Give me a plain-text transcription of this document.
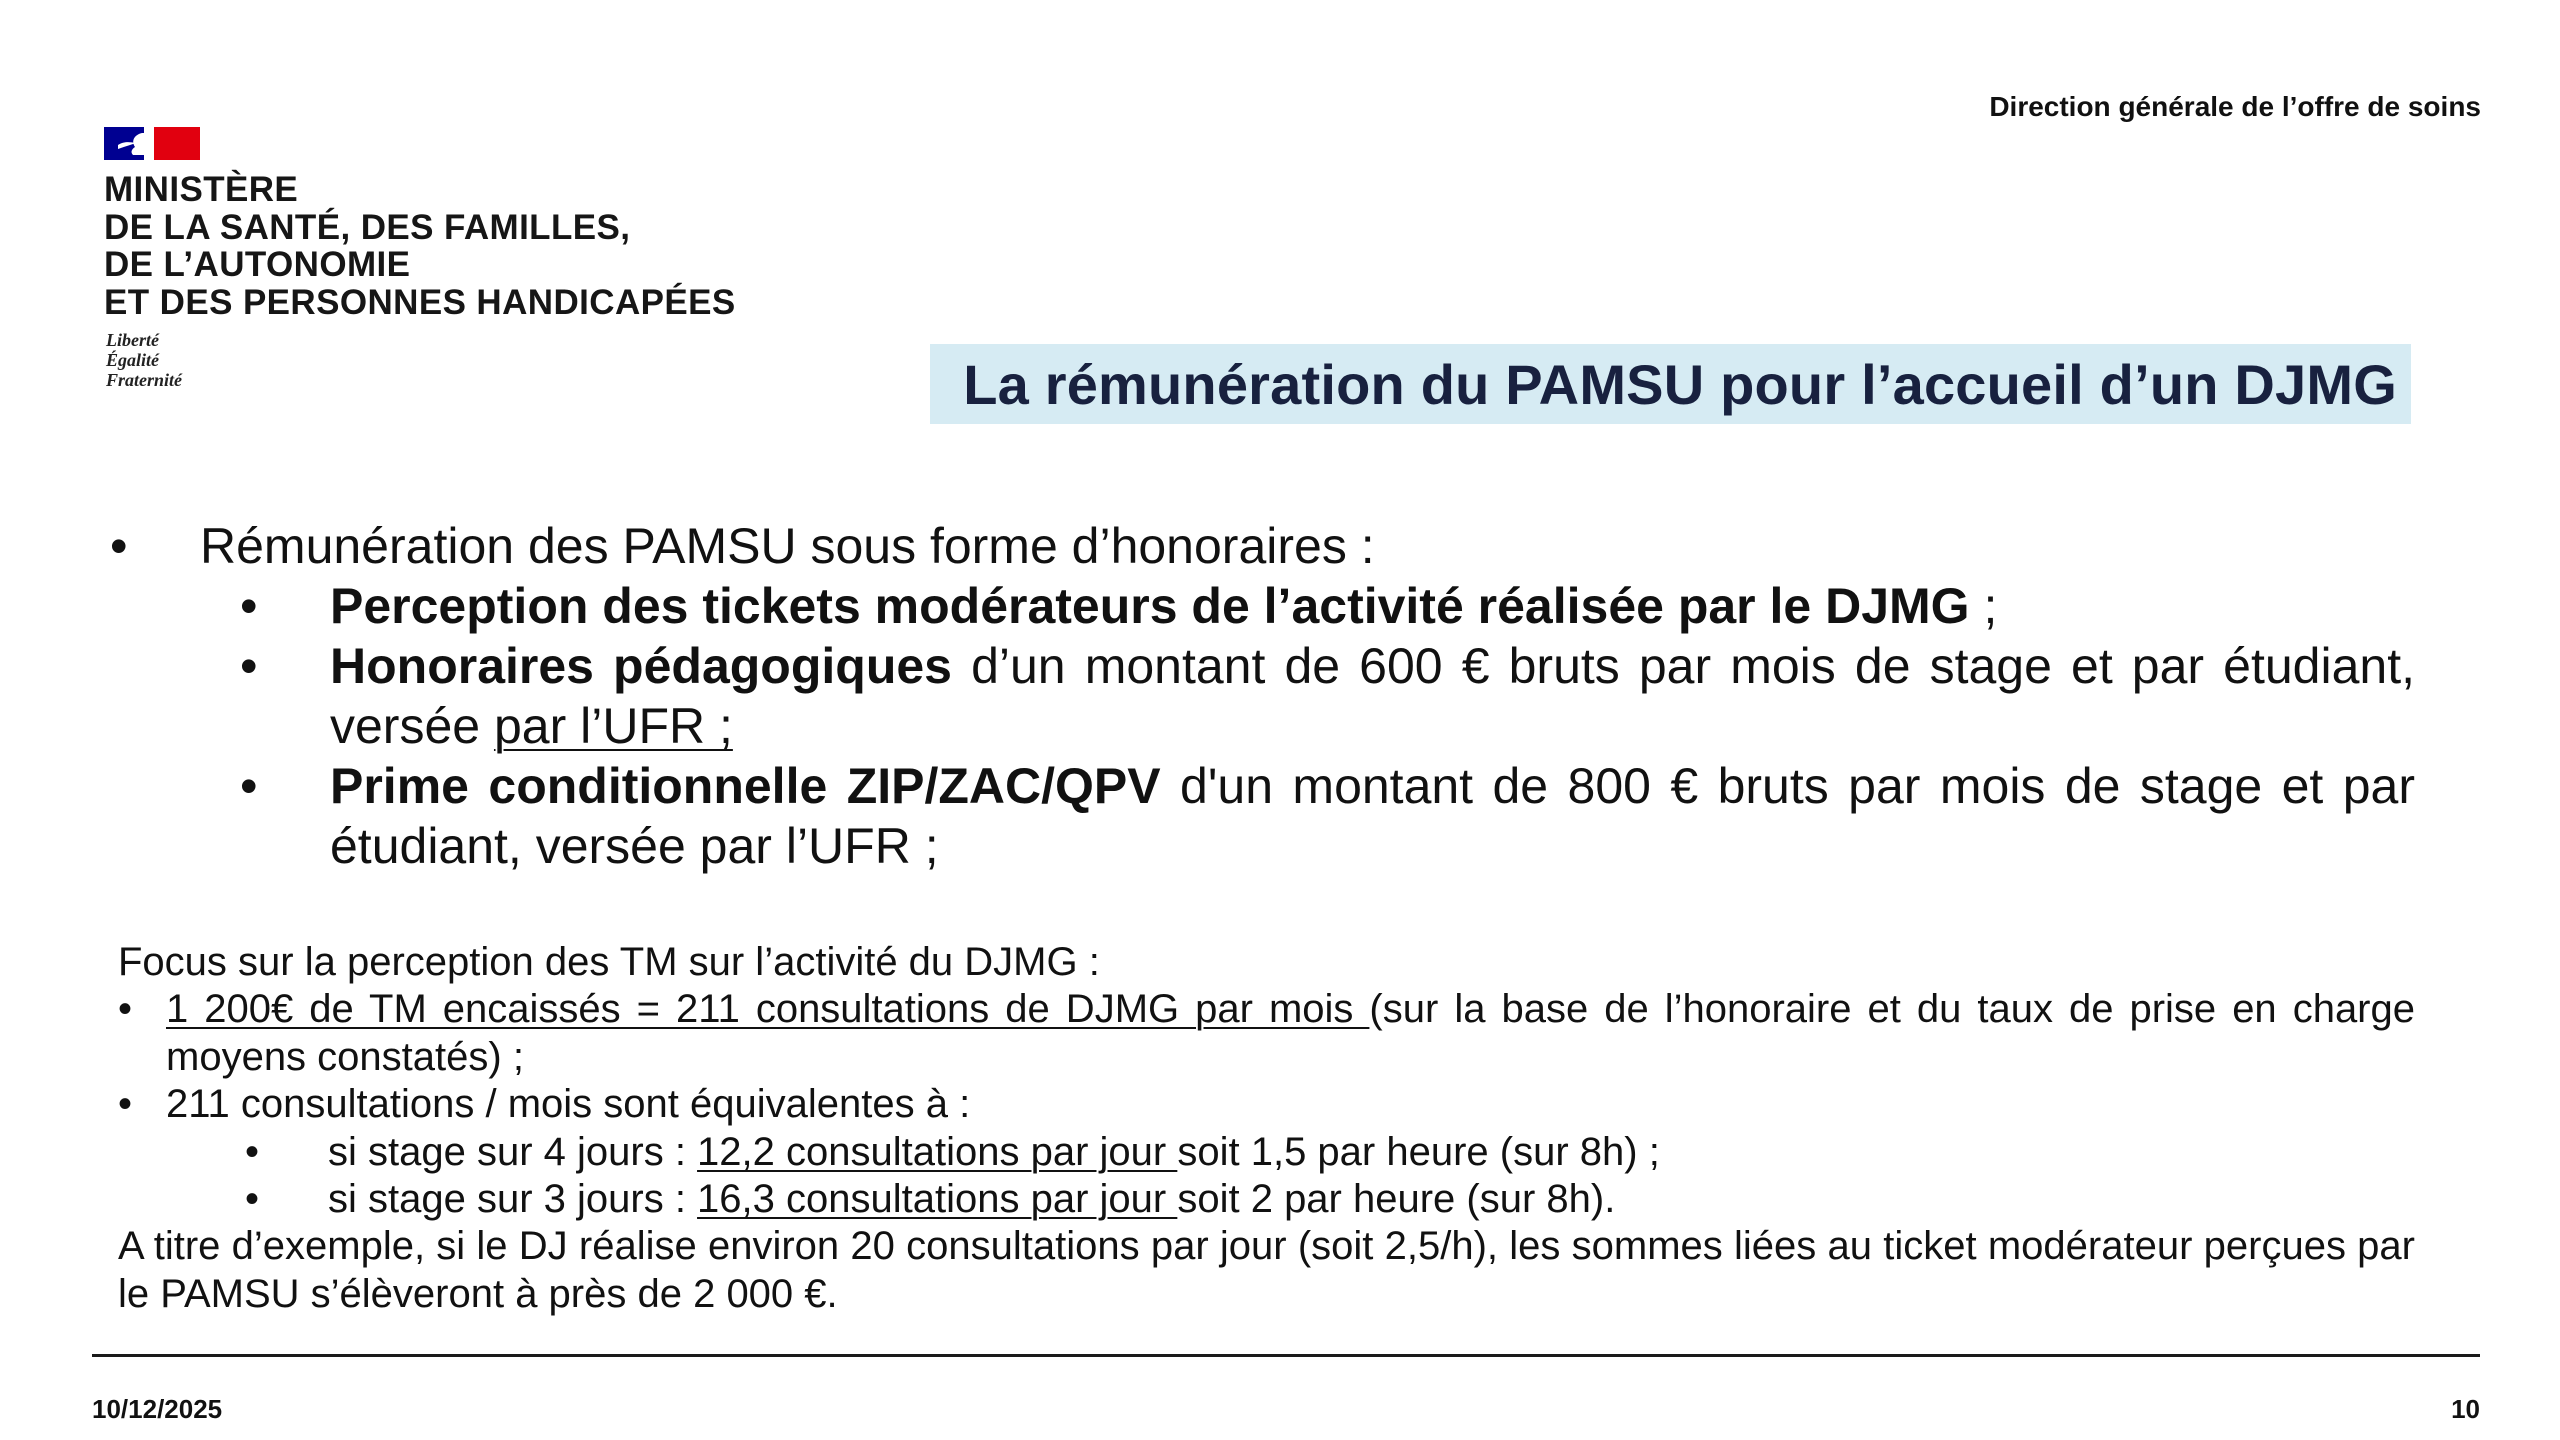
MINISTÈRE
DE LA SANTÉ, DES FAMILLES,
DE L’AUTONOMIE
ET DES PERSONNES HANDICAPÉES
Liberté
Égalité
Fraternité
Direction générale de l’offre de soins
La rémunération du PAMSU pour l’accueil d’un DJMG
• Rémunération des PAMSU sous forme d’honoraires :
• Perception des tickets modérateurs de l’activité réalisée par le DJMG ;
• Honoraires pédagogiques d’un montant de 600 € bruts par mois de stage et par étudiant, versée par l’UFR ;
• Prime conditionnelle ZIP/ZAC/QPV d'un montant de 800 € bruts par mois de stage et par étudiant, versée par l’UFR ;
Focus sur la perception des TM sur l’activité du DJMG :
• 1 200€ de TM encaissés = 211 consultations de DJMG par mois (sur la base de l’honoraire et du taux de prise en charge moyens constatés) ;
• 211 consultations / mois sont équivalentes à :
• si stage sur 4 jours : 12,2 consultations par jour soit 1,5 par heure (sur 8h) ;
• si stage sur 3 jours : 16,3 consultations par jour soit 2 par heure (sur 8h).
A titre d’exemple, si le DJ réalise environ 20 consultations par jour (soit 2,5/h), les sommes liées au ticket modérateur perçues par le PAMSU s’élèveront à près de 2 000 €.
10/12/2025	10
